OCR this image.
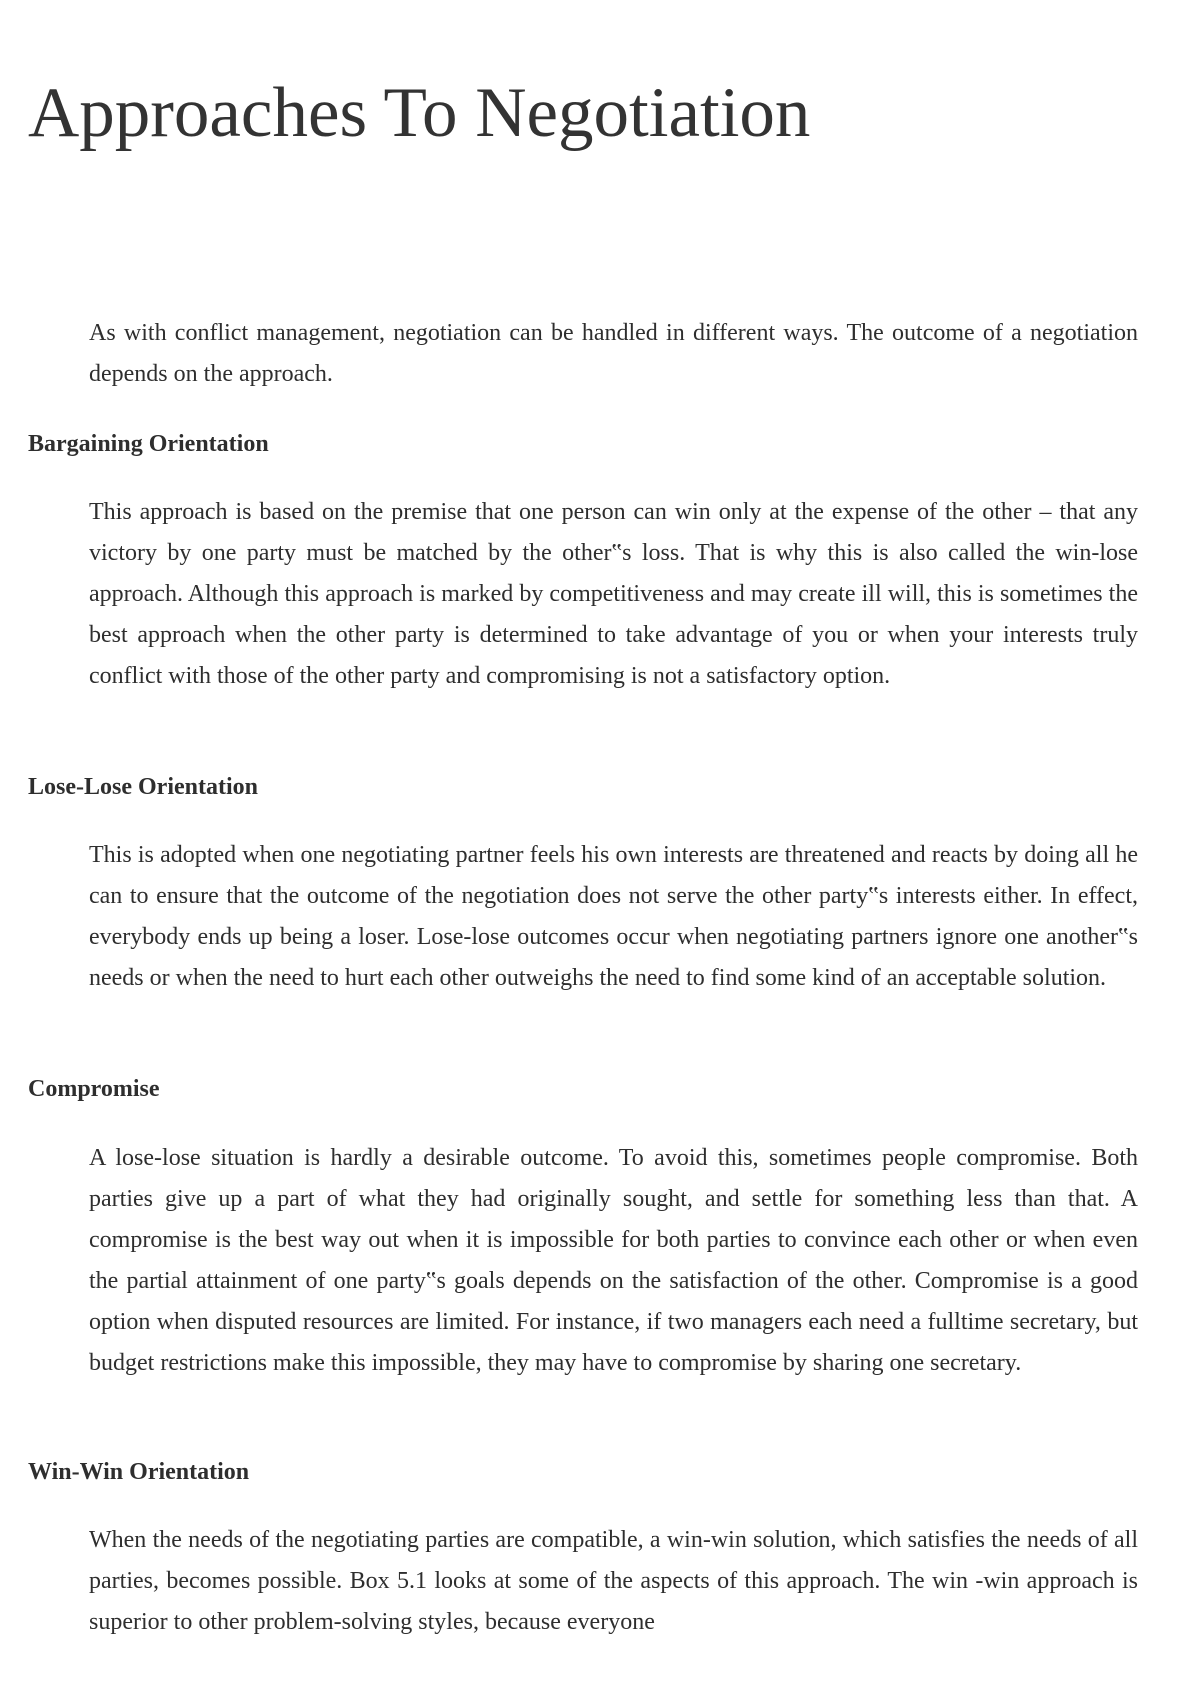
Approaches To Negotiation

As with conflict management, negotiation can be handled in different ways. The outcome of a negotiation depends on the approach.

Bargaining Orientation

This approach is based on the premise that one person can win only at the expense of the other – that any victory by one party must be matched by the other‟s loss. That is why this is also called the win-lose approach. Although this approach is marked by competitiveness and may create ill will, this is sometimes the best approach when the other party is determined to take advantage of you or when your interests truly conflict with those of the other party and compromising is not a satisfactory option.

Lose-Lose Orientation

This is adopted when one negotiating partner feels his own interests are threatened and reacts by doing all he can to ensure that the outcome of the negotiation does not serve the other party‟s interests either. In effect, everybody ends up being a loser. Lose-lose outcomes occur when negotiating partners ignore one another‟s needs or when the need to hurt each other outweighs the need to find some kind of an acceptable solution.

Compromise

A lose-lose situation is hardly a desirable outcome. To avoid this, sometimes people compromise. Both parties give up a part of what they had originally sought, and settle for something less than that. A compromise is the best way out when it is impossible for both parties to convince each other or when even the partial attainment of one party‟s goals depends on the satisfaction of the other. Compromise is a good option when disputed resources are limited. For instance, if two managers each need a fulltime secretary, but budget restrictions make this impossible, they may have to compromise by sharing one secretary.

Win-Win Orientation

When the needs of the negotiating parties are compatible, a win-win solution, which satisfies the needs of all parties, becomes possible. Box 5.1 looks at some of the aspects of this approach. The win -win approach is superior to other problem-solving styles, because everyone
